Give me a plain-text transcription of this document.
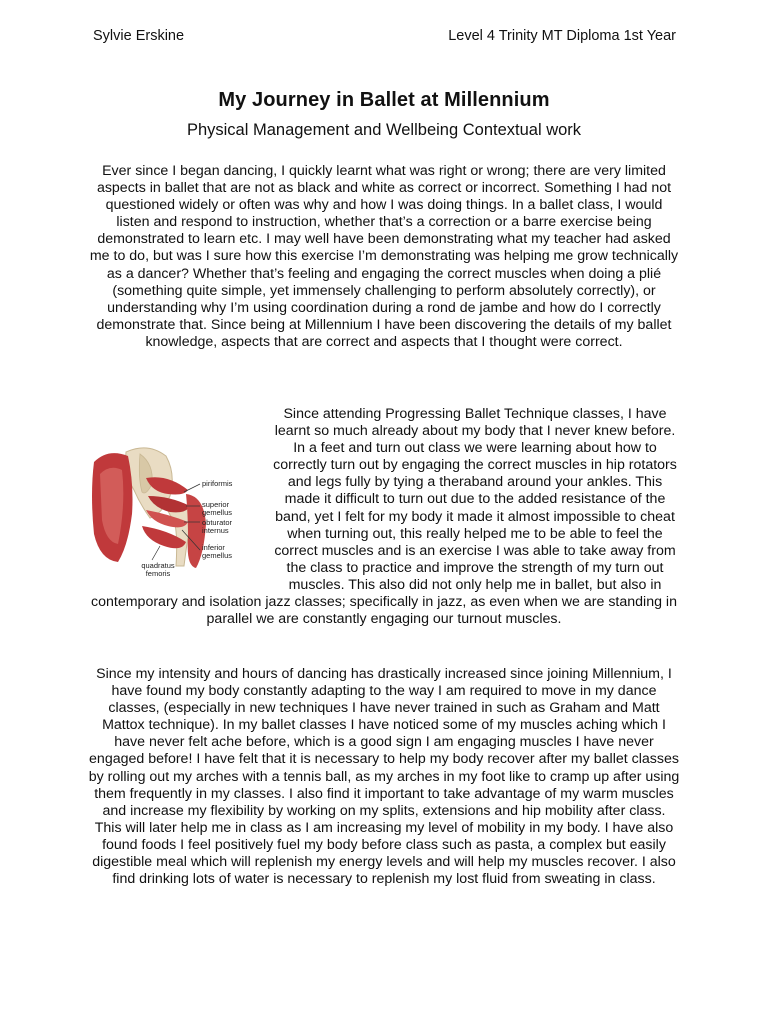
Sylvie Erskine	Level 4 Trinity MT Diploma 1st Year
My Journey in Ballet at Millennium
Physical Management and Wellbeing Contextual work

Ever since I began dancing, I quickly learnt what was right or wrong; there are very limited aspects in ballet that are not as black and white as correct or incorrect. Something I had not questioned widely or often was why and how I was doing things. In a ballet class, I would listen and respond to instruction, whether that’s a correction or a barre exercise being demonstrated to learn etc. I may well have been demonstrating what my teacher had asked me to do, but was I sure how this exercise I’m demonstrating was helping me grow technically as a dancer? Whether that’s feeling and engaging the correct muscles when doing a plié (something quite simple, yet immensely challenging to perform absolutely correctly), or understanding why I’m using coordination during a rond de jambe and how do I correctly demonstrate that. Since being at Millennium I have been discovering the details of my ballet knowledge, aspects that are correct and aspects that I thought were correct.

piriformis
superior gemellus
obturator internus
inferior gemellus
quadratus femoris
Since attending Progressing Ballet Technique classes, I have learnt so much already about my body that I never knew before. In a feet and turn out class we were learning about how to correctly turn out by engaging the correct muscles in hip rotators and legs fully by tying a theraband around your ankles. This made it difficult to turn out due to the added resistance of the band, yet I felt for my body it made it almost impossible to cheat when turning out, this really helped me to be able to feel the correct muscles and is an exercise I was able to take away from the class to practice and improve the strength of my turn out muscles. This also did not only help me in ballet, but also in contemporary and isolation jazz classes; specifically in jazz, as even when we are standing in parallel we are constantly engaging our turnout muscles.

Since my intensity and hours of dancing has drastically increased since joining Millennium, I have found my body constantly adapting to the way I am required to move in my dance classes, (especially in new techniques I have never trained in such as Graham and Matt Mattox technique). In my ballet classes I have noticed some of my muscles aching which I have never felt ache before, which is a good sign I am engaging muscles I have never engaged before! I have felt that it is necessary to help my body recover after my ballet classes by rolling out my arches with a tennis ball, as my arches in my foot like to cramp up after using them frequently in my classes. I also find it important to take advantage of my warm muscles and increase my flexibility by working on my splits, extensions and hip mobility after class. This will later help me in class as I am increasing my level of mobility in my body. I have also found foods I feel positively fuel my body before class such as pasta, a complex but easily digestible meal which will replenish my energy levels and will help my muscles recover. I also find drinking lots of water is necessary to replenish my lost fluid from sweating in class.
